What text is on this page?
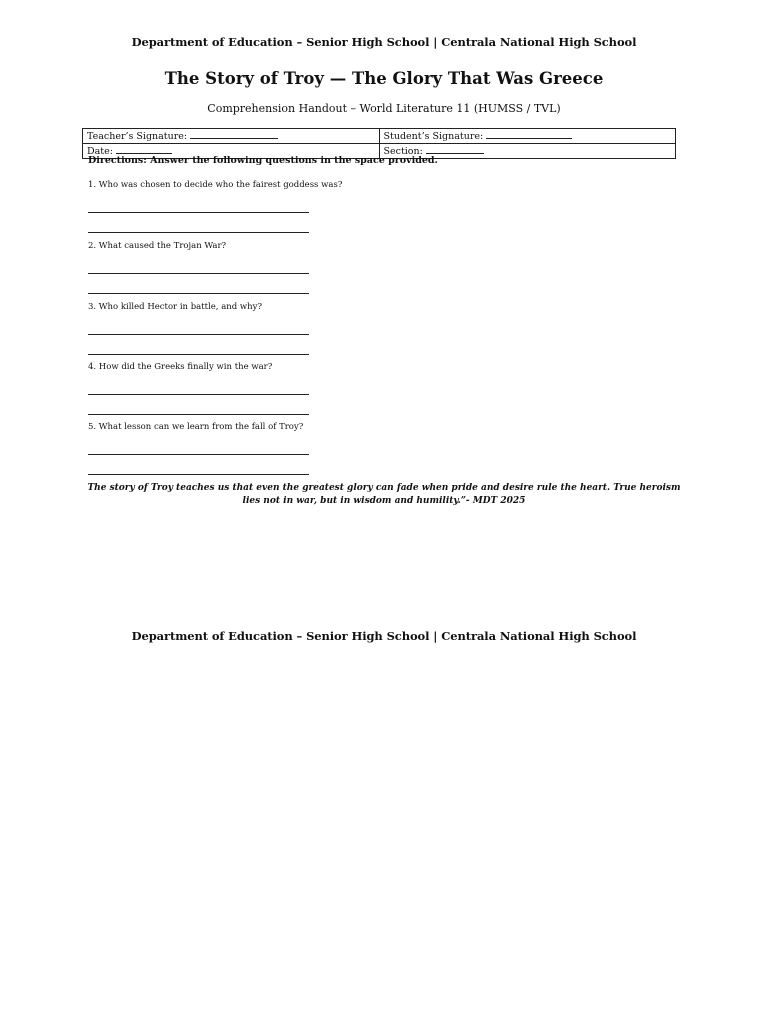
Department of Education – Senior High School | Centrala National High School
The Story of Troy — The Glory That Was Greece
Comprehension Handout – World Literature 11 (HUMSS / TVL)
Teacher’s Signature:	Student’s Signature:
Date:	Section:
Directions: Answer the following questions in the space provided.
1. Who was chosen to decide who the fairest goddess was?
2. What caused the Trojan War?
3. Who killed Hector in battle, and why?
4. How did the Greeks finally win the war?
5. What lesson can we learn from the fall of Troy?
The story of Troy teaches us that even the greatest glory can fade when pride and desire rule the heart. True heroism lies not in war, but in wisdom and humility.”- MDT 2025
Department of Education – Senior High School | Centrala National High School
